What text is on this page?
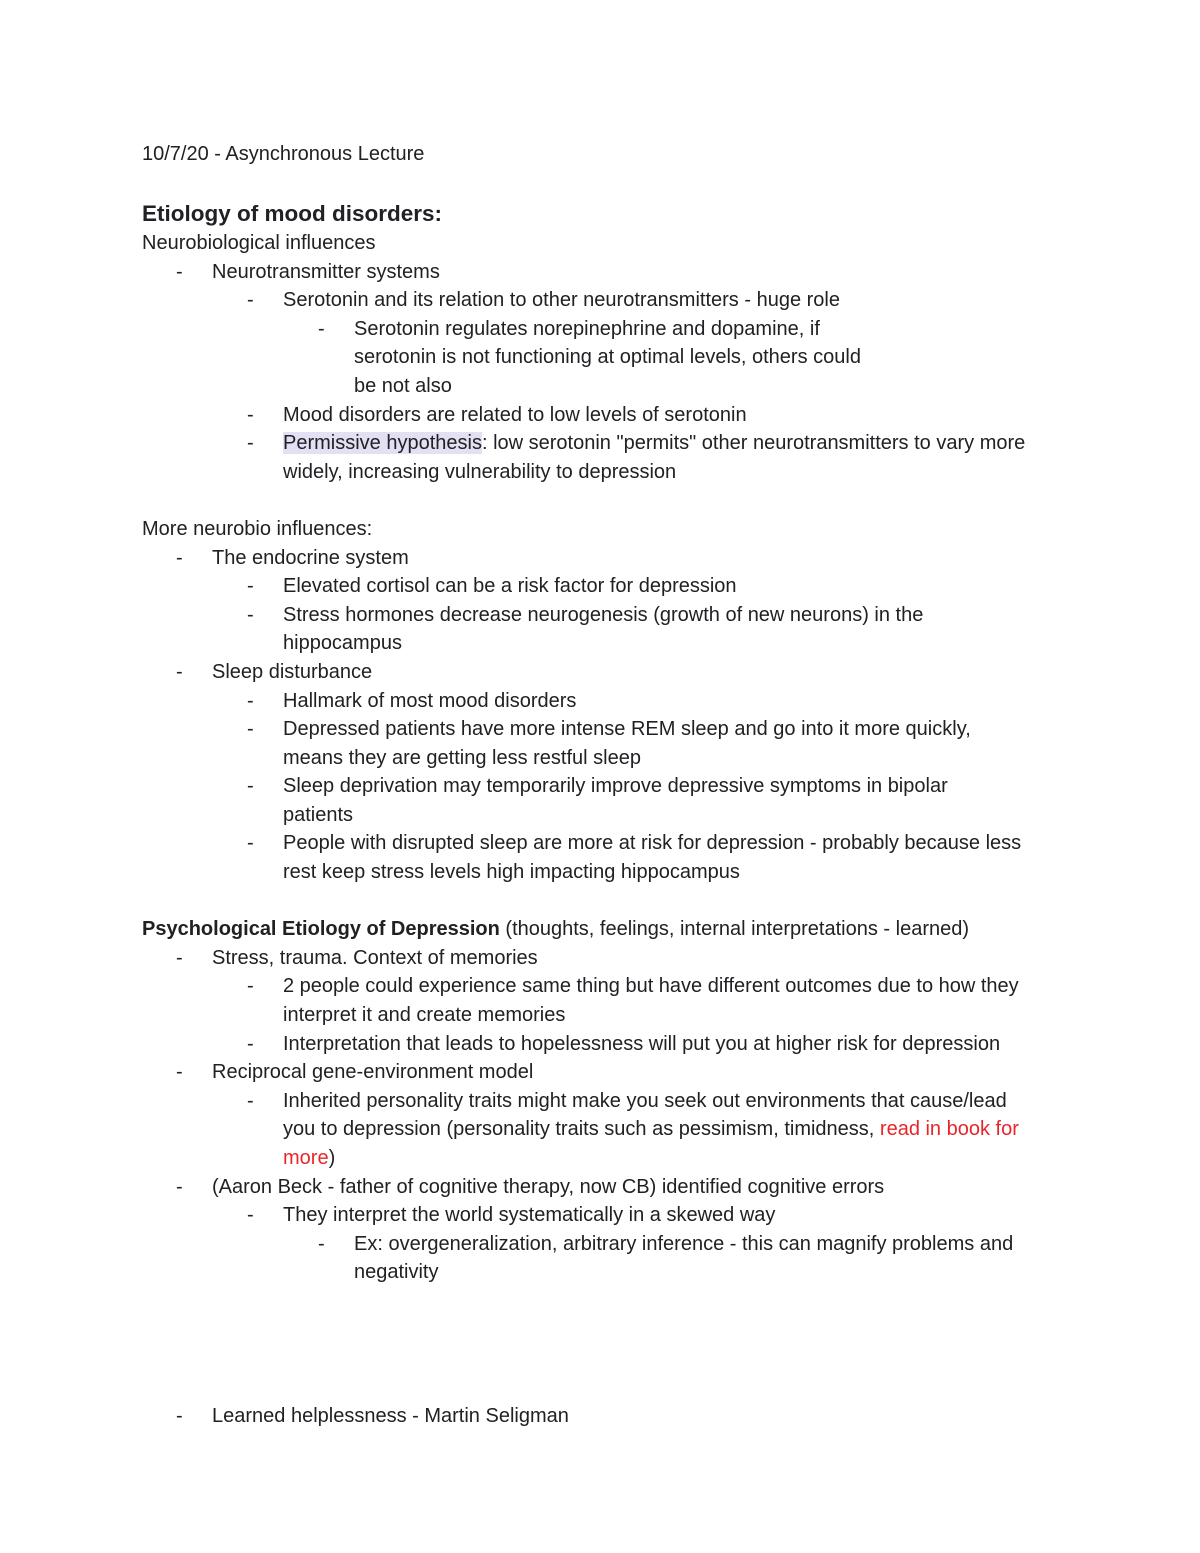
10/7/20 - Asynchronous Lecture

Etiology of mood disorders:

Neurobiological influences

- Neurotransmitter systems
- Serotonin and its relation to other neurotransmitters - huge role
- Serotonin regulates norepinephrine and dopamine, if serotonin is not functioning at optimal levels, others could be not also
- Mood disorders are related to low levels of serotonin
- Permissive hypothesis: low serotonin "permits" other neurotransmitters to vary more widely, increasing vulnerability to depression

More neurobio influences:

- The endocrine system
- Elevated cortisol can be a risk factor for depression
- Stress hormones decrease neurogenesis (growth of new neurons) in the hippocampus
- Sleep disturbance
- Hallmark of most mood disorders
- Depressed patients have more intense REM sleep and go into it more quickly, means they are getting less restful sleep
- Sleep deprivation may temporarily improve depressive symptoms in bipolar patients
- People with disrupted sleep are more at risk for depression - probably because less rest keep stress levels high impacting hippocampus

Psychological Etiology of Depression (thoughts, feelings, internal interpretations - learned)

- Stress, trauma. Context of memories
- 2 people could experience same thing but have different outcomes due to how they interpret it and create memories
- Interpretation that leads to hopelessness will put you at higher risk for depression
- Reciprocal gene-environment model
- Inherited personality traits might make you seek out environments that cause/lead you to depression (personality traits such as pessimism, timidness, read in book for more)
- (Aaron Beck - father of cognitive therapy, now CB) identified cognitive errors
- They interpret the world systematically in a skewed way
- Ex: overgeneralization, arbitrary inference - this can magnify problems and negativity
- Learned helplessness - Martin Seligman
